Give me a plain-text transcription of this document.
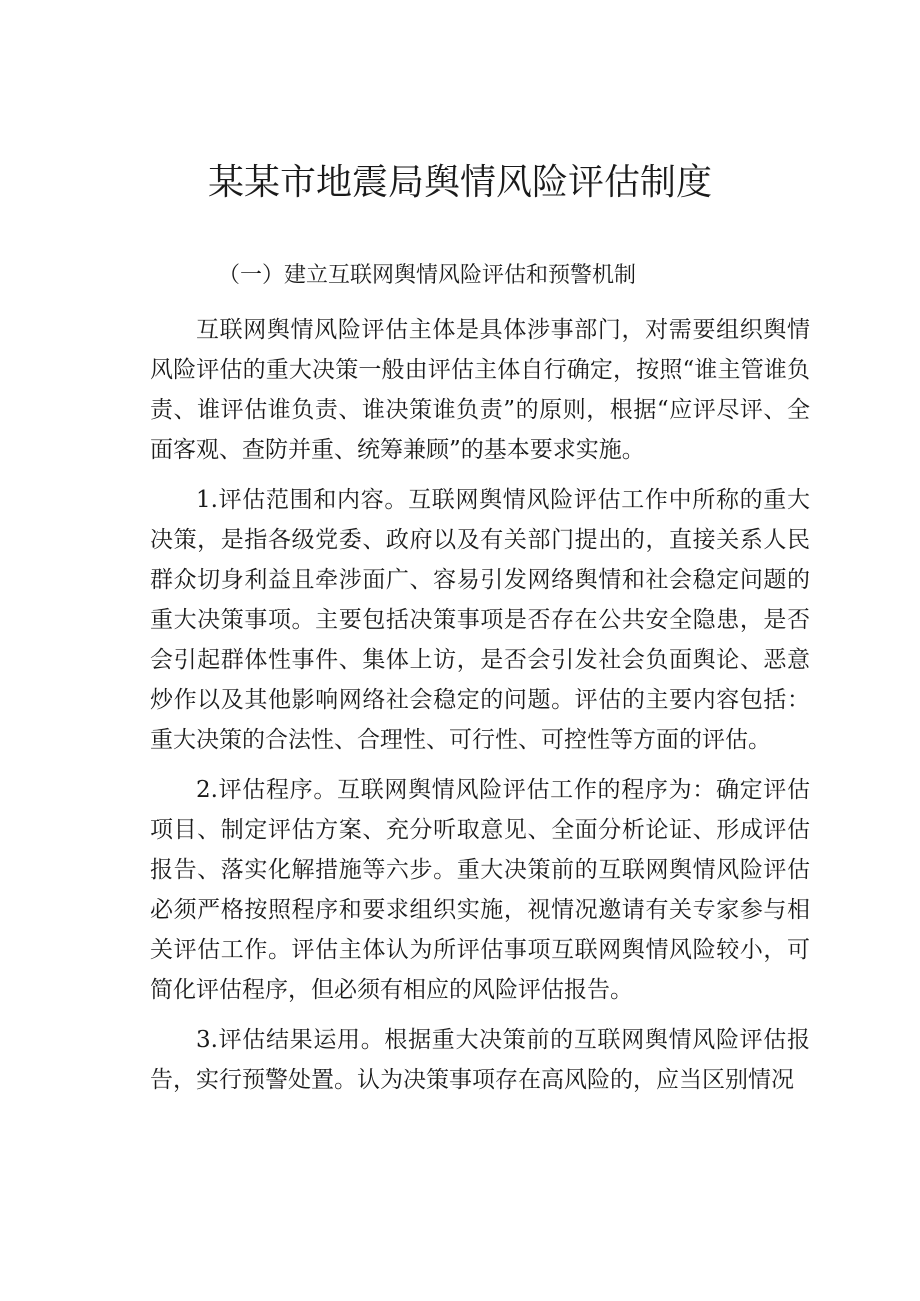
某某市地震局舆情风险评估制度

（一）建立互联网舆情风险评估和预警机制

互联网舆情风险评估主体是具体涉事部门，对需要组织舆情风险评估的重大决策一般由评估主体自行确定，按照“谁主管谁负责、谁评估谁负责、谁决策谁负责”的原则，根据“应评尽评、全面客观、查防并重、统筹兼顾”的基本要求实施。

1.评估范围和内容。互联网舆情风险评估工作中所称的重大决策，是指各级党委、政府以及有关部门提出的，直接关系人民群众切身利益且牵涉面广、容易引发网络舆情和社会稳定问题的重大决策事项。主要包括决策事项是否存在公共安全隐患，是否会引起群体性事件、集体上访，是否会引发社会负面舆论、恶意炒作以及其他影响网络社会稳定的问题。评估的主要内容包括：重大决策的合法性、合理性、可行性、可控性等方面的评估。

2.评估程序。互联网舆情风险评估工作的程序为：确定评估项目、制定评估方案、充分听取意见、全面分析论证、形成评估报告、落实化解措施等六步。重大决策前的互联网舆情风险评估必须严格按照程序和要求组织实施，视情况邀请有关专家参与相关评估工作。评估主体认为所评估事项互联网舆情风险较小，可简化评估程序，但必须有相应的风险评估报告。

3.评估结果运用。根据重大决策前的互联网舆情风险评估报告，实行预警处置。认为决策事项存在高风险的，应当区别情况
